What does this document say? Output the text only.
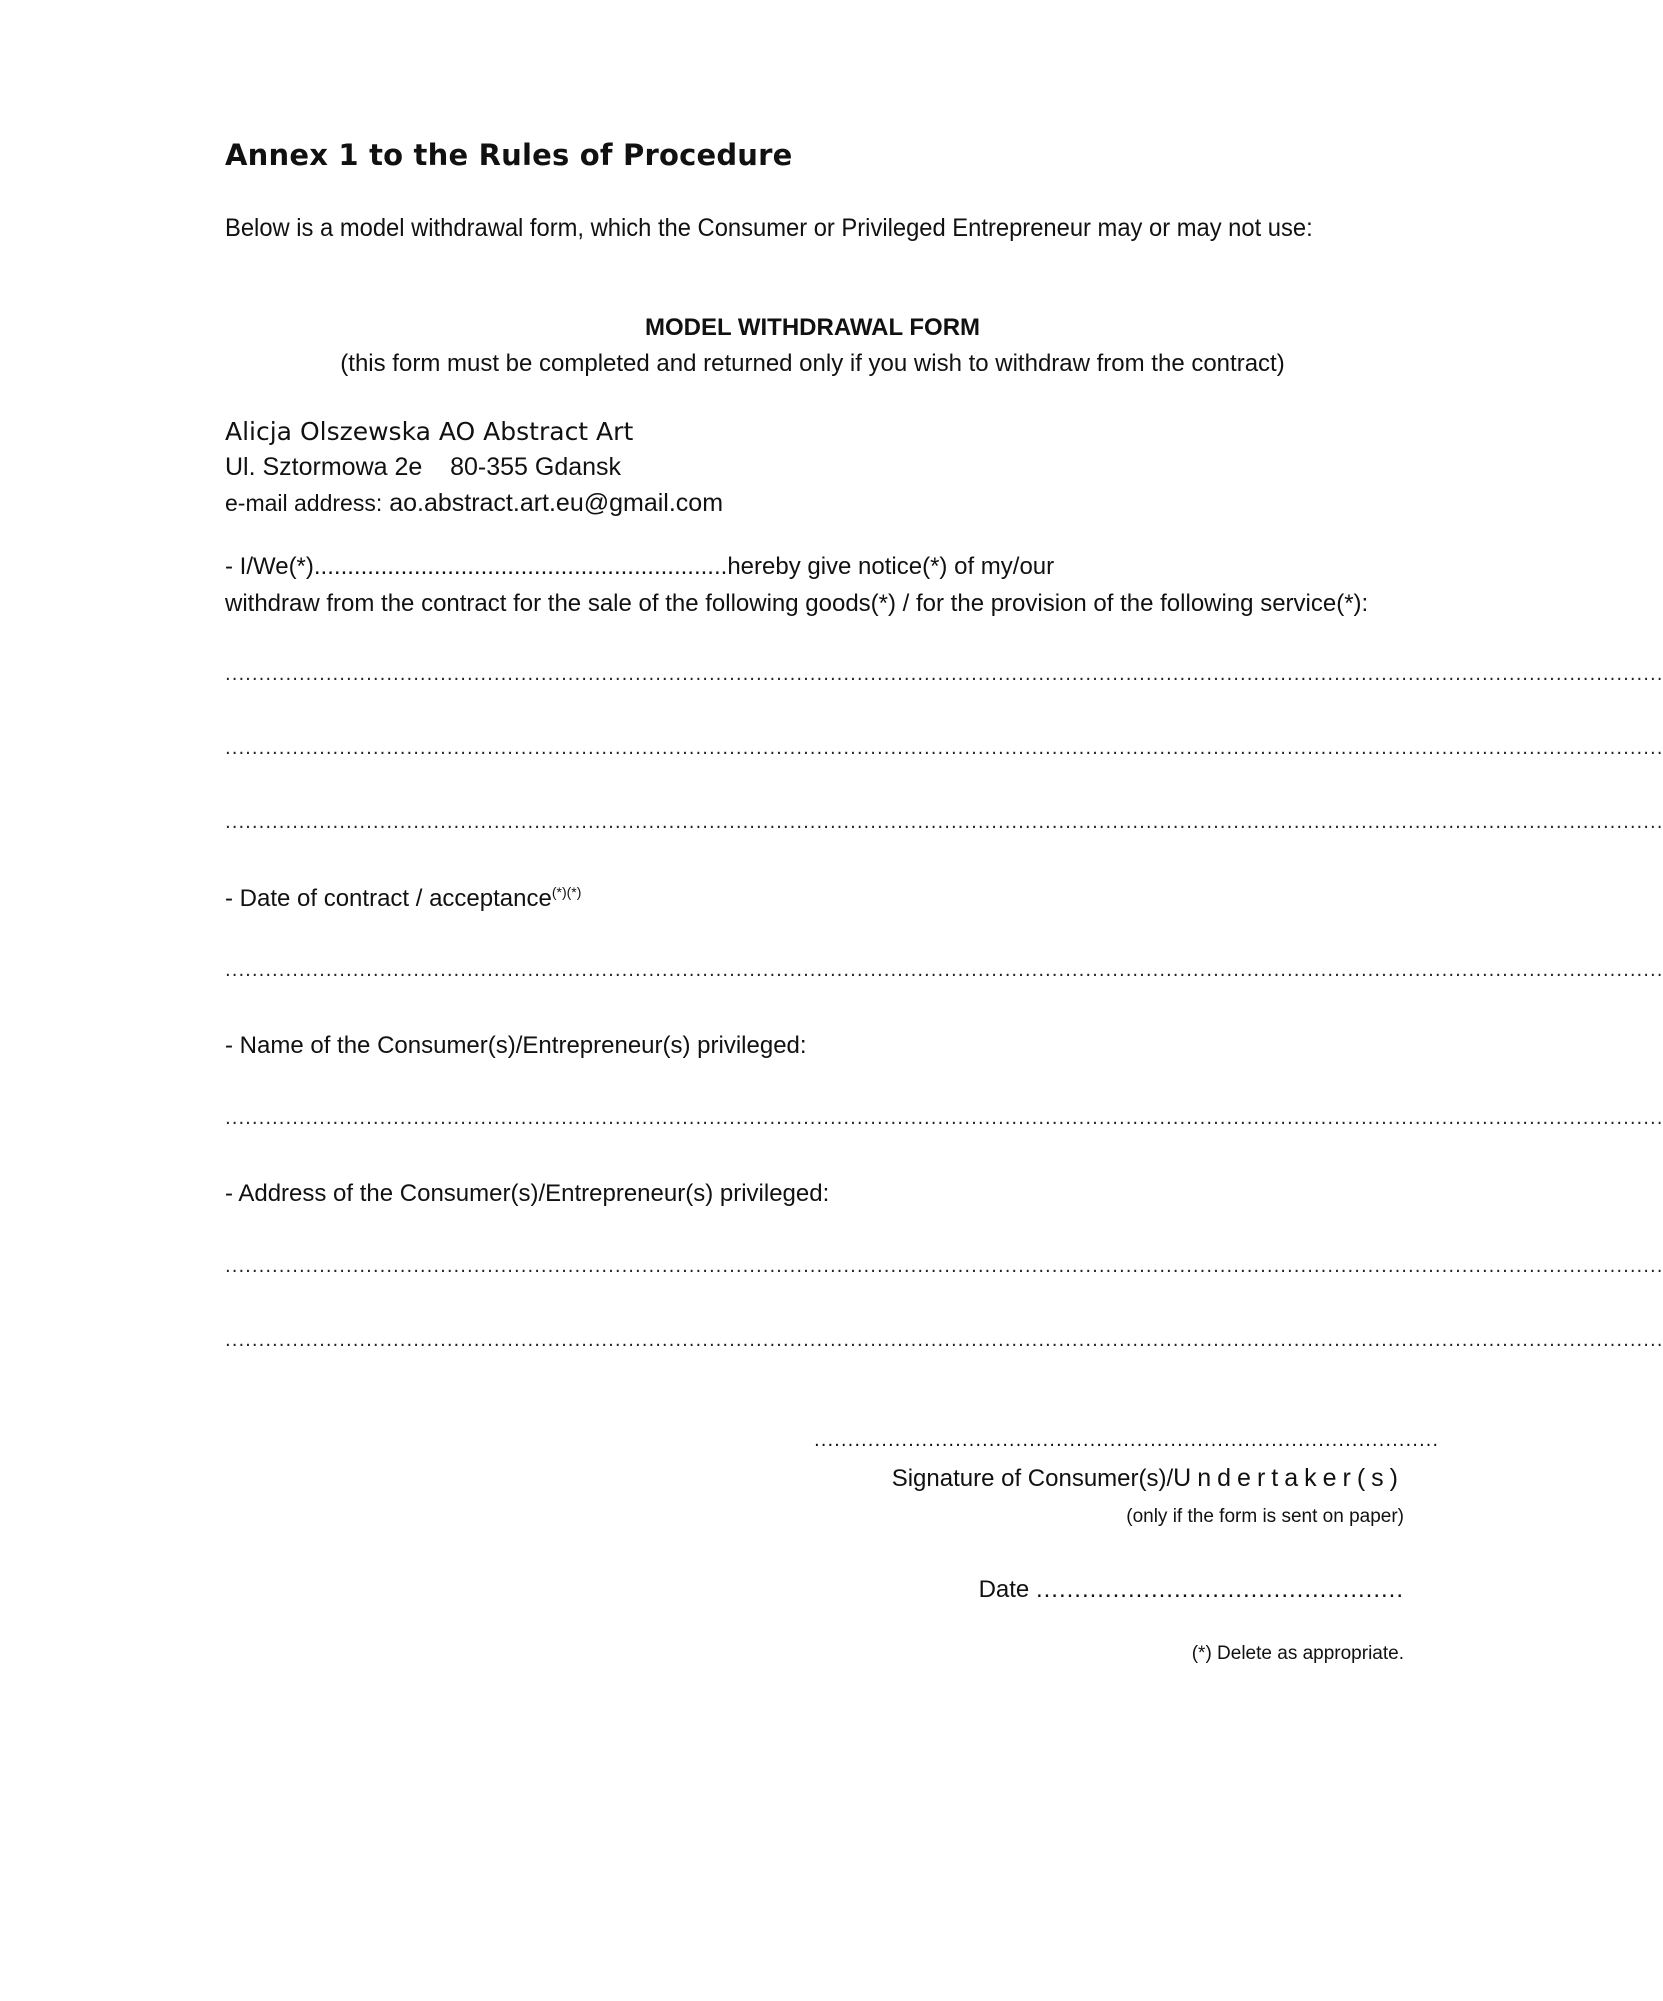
Annex 1 to the Rules of Procedure
Below is a model withdrawal form, which the Consumer or Privileged Entrepreneur may or may not use:
MODEL WITHDRAWAL FORM
(this form must be completed and returned only if you wish to withdraw from the contract)
Alicja Olszewska AO Abstract Art
Ul. Sztormowa 2e 80-355 Gdansk
e-mail address: ao.abstract.art.eu@gmail.com
- I/We(*)..............................................................hereby give notice(*) of my/our
withdraw from the contract for the sale of the following goods(*) / for the provision of the following service(*):
......................................................................................................................................................................................................................
......................................................................................................................................................................................................................
......................................................................................................................................................................................................................
- Date of contract / acceptance(*)(*)
......................................................................................................................................................................................................................
- Name of the Consumer(s)/Entrepreneur(s) privileged:
......................................................................................................................................................................................................................
- Address of the Consumer(s)/Entrepreneur(s) privileged:
......................................................................................................................................................................................................................
......................................................................................................................................................................................................................
.............................................................................................
Signature of Consumer(s)/Undertaker(s)
(only if the form is sent on paper)
Date ................................................
(*) Delete as appropriate.
